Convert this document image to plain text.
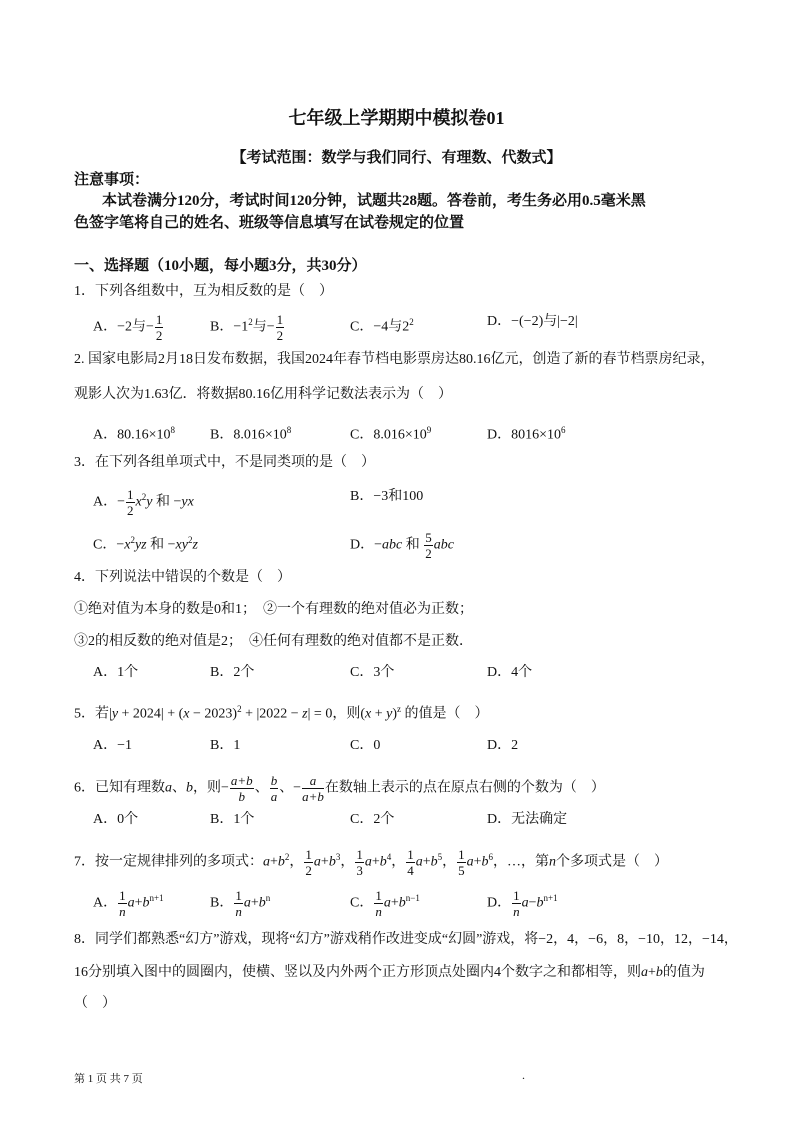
七年级上学期期中模拟卷01
【考试范围：数学与我们同行、有理数、代数式】
注意事项：
本试卷满分120分，考试时间120分钟，试题共28题。答卷前，考生务必用0.5毫米黑
色签字笔将自己的姓名、班级等信息填写在试卷规定的位置
一、选择题（10小题，每小题3分，共30分）
1．下列各组数中，互为相反数的是（　）
A．−2与− $\frac{1}{2}$	B．$-1^2$与− $\frac{1}{2}$	C．−4与$2^2$	D．−(−2)与|−2|
2. 国家电影局2月18日发布数据，我国2024年春节档电影票房达80.16亿元，创造了新的春节档票房纪录，
观影人次为1.63亿．将数据80.16亿用科学记数法表示为（　）
A．$80.16\times 10^8$ B．$8.016\times 10^8$	C．$8.016\times 10^9$	D．$8016\times 10^6$
3．在下列各组单项式中，不是同类项的是（　）
A．− $\frac{1}{2} x^2y$ 和 −yx	B．−3和100
C．$-x^2yz$ 和 $-xy^2z$	D．−abc 和 $\frac{5}{2}$ abc
4．下列说法中错误的个数是（　）
①绝对值为本身的数是0和1；　②一个有理数的绝对值必为正数；
③2的相反数的绝对值是2；　④任何有理数的绝对值都不是正数．
A．1个	B．2个	C．3个	D．4个
5．若$|y + 2024| + (x - 2023)^2 + |2022 - z| = 0$，则$(x + y)^z$ 的值是（　）
A．−1	B．1	C．0	D．2
6．已知有理数a、b，则− $\frac{a+b}{b}$ 、 $\frac{b}{a}$ 、− $\frac{a}{a+b}$ 在数轴上表示的点在原点右侧的个数为（　）
A．0个	B．1个	C．2个	D．无法确定
7．按一定规律排列的多项式：$a+b^2$， $\frac{1}{2} a+b^3$， $\frac{1}{3} a+b^4$， $\frac{1}{4} a+b^5$， $\frac{1}{5} a+b^6$，…，第n个多项式是（　）
A． $\frac{1}{n} a+b^{n+1}$	B． $\frac{1}{n} a+b^n$	C． $\frac{1}{n} a+b^{n-1}$	D． $\frac{1}{n} a-b^{n+1}$
8．同学们都熟悉“幻方”游戏，现将“幻方”游戏稍作改进变成“幻圆”游戏，将−2，4，−6，8，−10，12，−14，
16分别填入图中的圆圈内，使横、竖以及内外两个正方形顶点处圈内4个数字之和都相等，则a+b的值为
（　）
第 1 页 共 7 页	.
